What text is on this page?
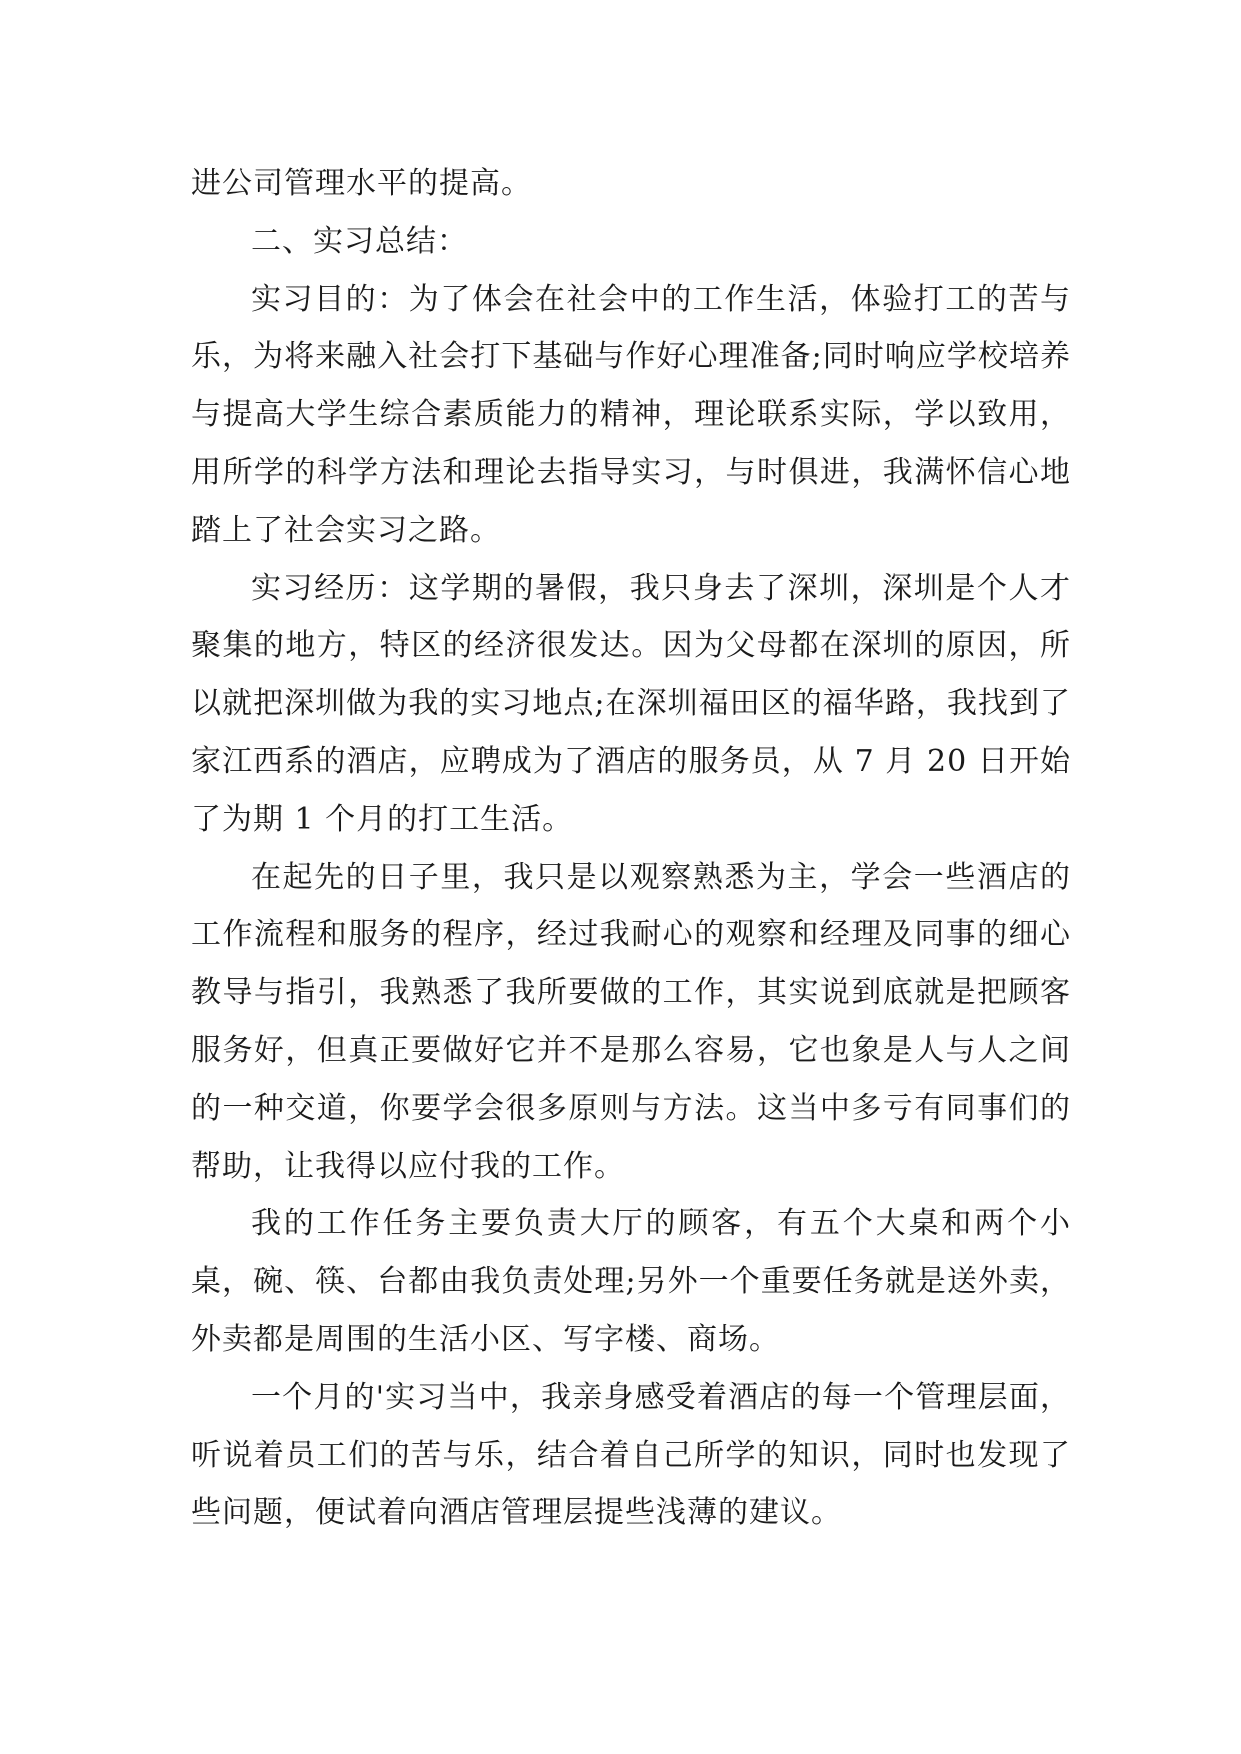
进公司管理水平的提高。

二、实习总结：

实习目的：为了体会在社会中的工作生活，体验打工的苦与乐，为将来融入社会打下基础与作好心理准备;同时响应学校培养与提高大学生综合素质能力的精神，理论联系实际，学以致用，用所学的科学方法和理论去指导实习，与时俱进，我满怀信心地踏上了社会实习之路。

实习经历：这学期的暑假，我只身去了深圳，深圳是个人才聚集的地方，特区的经济很发达。因为父母都在深圳的原因，所以就把深圳做为我的实习地点;在深圳福田区的福华路，我找到了家江西系的酒店，应聘成为了酒店的服务员，从 7 月 20 日开始了为期 1 个月的打工生活。

在起先的日子里，我只是以观察熟悉为主，学会一些酒店的工作流程和服务的程序，经过我耐心的观察和经理及同事的细心教导与指引，我熟悉了我所要做的工作，其实说到底就是把顾客服务好，但真正要做好它并不是那么容易，它也象是人与人之间的一种交道，你要学会很多原则与方法。这当中多亏有同事们的帮助，让我得以应付我的工作。

我的工作任务主要负责大厅的顾客，有五个大桌和两个小桌，碗、筷、台都由我负责处理;另外一个重要任务就是送外卖，外卖都是周围的生活小区、写字楼、商场。

一个月的'实习当中，我亲身感受着酒店的每一个管理层面，听说着员工们的苦与乐，结合着自己所学的知识，同时也发现了些问题，便试着向酒店管理层提些浅薄的建议。
